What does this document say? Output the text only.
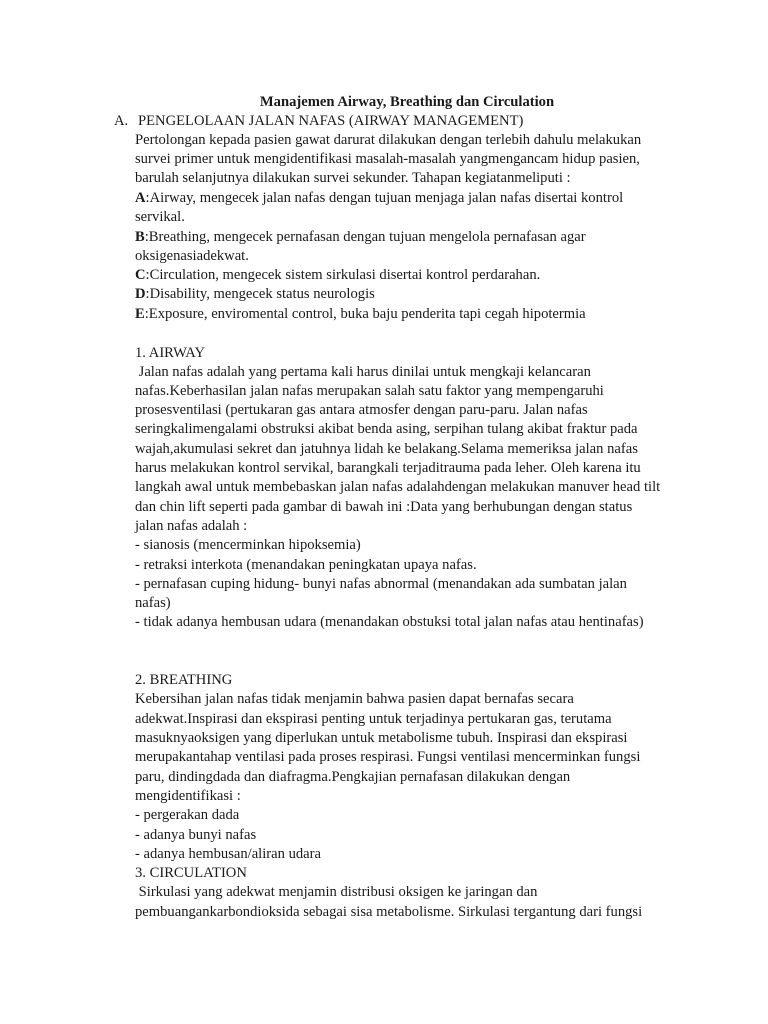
Manajemen Airway, Breathing dan Circulation
A. PENGELOLAAN JALAN NAFAS (AIRWAY MANAGEMENT)
Pertolongan kepada pasien gawat darurat dilakukan dengan terlebih dahulu melakukan
survei primer untuk mengidentifikasi masalah-masalah yangmengancam hidup pasien,
barulah selanjutnya dilakukan survei sekunder. Tahapan kegiatanmeliputi :
A:Airway, mengecek jalan nafas dengan tujuan menjaga jalan nafas disertai kontrol
servikal.
B:Breathing, mengecek pernafasan dengan tujuan mengelola pernafasan agar
oksigenasiadekwat.
C:Circulation, mengecek sistem sirkulasi disertai kontrol perdarahan.
D:Disability, mengecek status neurologis
E:Exposure, enviromental control, buka baju penderita tapi cegah hipotermia
1. AIRWAY
Jalan nafas adalah yang pertama kali harus dinilai untuk mengkaji kelancaran
nafas.Keberhasilan jalan nafas merupakan salah satu faktor yang mempengaruhi
prosesventilasi (pertukaran gas antara atmosfer dengan paru-paru. Jalan nafas
seringkalimengalami obstruksi akibat benda asing, serpihan tulang akibat fraktur pada
wajah,akumulasi sekret dan jatuhnya lidah ke belakang.Selama memeriksa jalan nafas
harus melakukan kontrol servikal, barangkali terjaditrauma pada leher. Oleh karena itu
langkah awal untuk membebaskan jalan nafas adalahdengan melakukan manuver head tilt
dan chin lift seperti pada gambar di bawah ini :Data yang berhubungan dengan status
jalan nafas adalah :
- sianosis (mencerminkan hipoksemia)
- retraksi interkota (menandakan peningkatan upaya nafas.
- pernafasan cuping hidung- bunyi nafas abnormal (menandakan ada sumbatan jalan
nafas)
- tidak adanya hembusan udara (menandakan obstuksi total jalan nafas atau hentinafas)
2. BREATHING
Kebersihan jalan nafas tidak menjamin bahwa pasien dapat bernafas secara
adekwat.Inspirasi dan ekspirasi penting untuk terjadinya pertukaran gas, terutama
masuknyaoksigen yang diperlukan untuk metabolisme tubuh. Inspirasi dan ekspirasi
merupakantahap ventilasi pada proses respirasi. Fungsi ventilasi mencerminkan fungsi
paru, dindingdada dan diafragma.Pengkajian pernafasan dilakukan dengan
mengidentifikasi :
- pergerakan dada
- adanya bunyi nafas
- adanya hembusan/aliran udara
3. CIRCULATION
Sirkulasi yang adekwat menjamin distribusi oksigen ke jaringan dan
pembuangankarbondioksida sebagai sisa metabolisme. Sirkulasi tergantung dari fungsi
